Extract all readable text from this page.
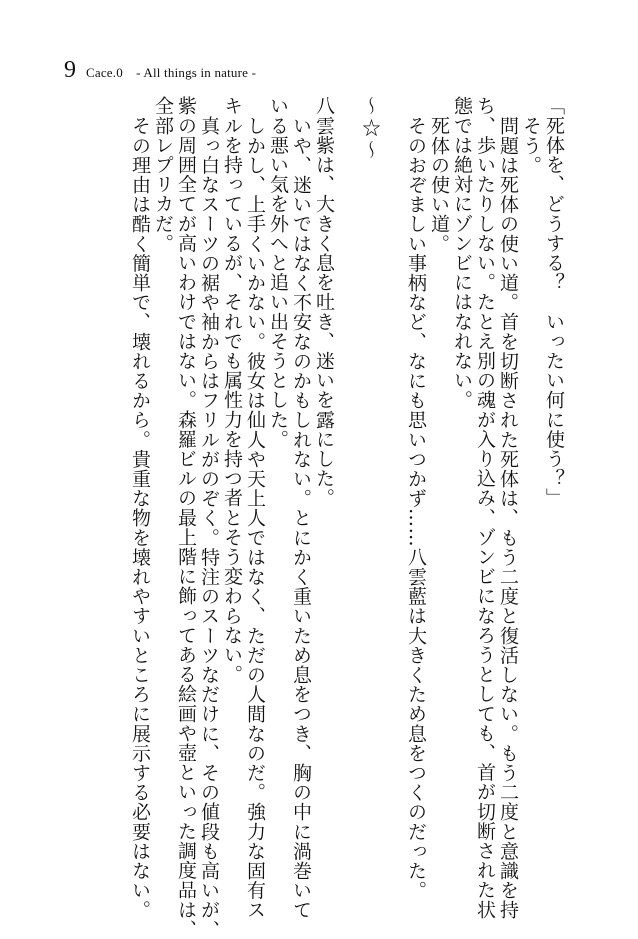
9 Cace.0　- All things in nature -
「死体を、どうする？　いったい何に使う？」
そう。
問題は死体の使い道。首を切断された死体は、もう二度と復活しない。もう二度と意識を持
ち、歩いたりしない。たとえ別の魂が入り込み、ゾンビになろうとしても、首が切断された状
態では絶対にゾンビにはなれない。
死体の使い道。
そのおぞましい事柄など、なにも思いつかず……八雲藍は大きくため息をつくのだった。
〜☆〜
八雲紫は、大きく息を吐き、迷いを露にした。
いや、迷いではなく不安なのかもしれない。とにかく重いため息をつき、胸の中に渦巻いて
いる悪い気を外へと追い出そうとした。
しかし、上手くいかない。彼女は仙人や天上人ではなく、ただの人間なのだ。強力な固有ス
キルを持っているが、それでも属性力を持つ者とそう変わらない。
真っ白なスーツの裾や袖からはフリルがのぞく。特注のスーツなだけに、その値段も高いが、
紫の周囲全てが高いわけではない。森羅ビルの最上階に飾ってある絵画や壺といった調度品は、
全部レプリカだ。
その理由は酷く簡単で、壊れるから。貴重な物を壊れやすいところに展示する必要はない。
